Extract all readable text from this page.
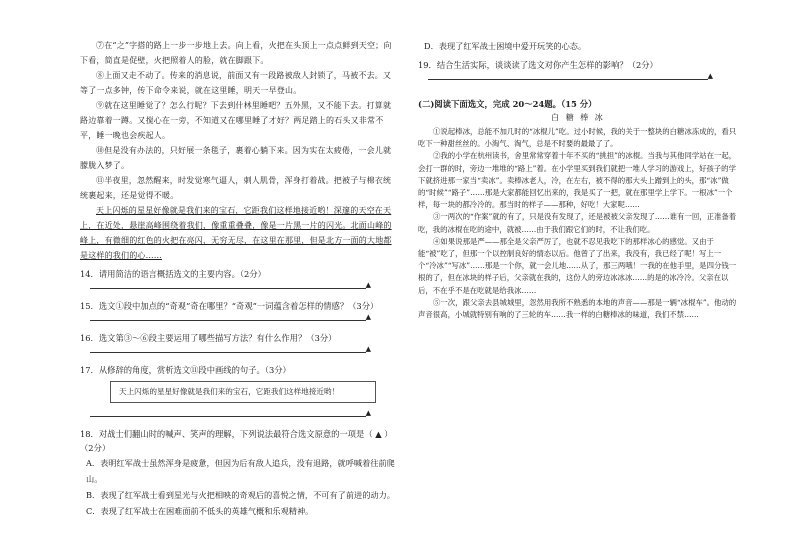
⑦在“之”字搭的路上一步一步地上去。向上看，火把在头顶上一点点鲜到天空；向下看，简直是促壁，火把照着人的脸，就在脚跟下。

⑧上面又走不动了。传来的消息说，前面又有一段路被敌人封锁了，马被不去。又等了一点多钟，传下命令来说，就在这里睡，明天一早登山。

⑨就在这里睡觉了？怎么行呢？下去到什林里睡吧？五外黑，又不能下去。打算就路边靠着一蹲。又搅心在一旁，不知道又在哪里睡了才好？两足踏上的石头又非常不平，睡一晚也会疾起人。

⑩但是没有办法的，只好展一条毯子，裹着心躺下来。因为实在太疲倦，一会儿就朦胧入梦了。

⑪半夜里，忽然醒来，时发觉寒气逼人，刺人肌骨，浑身打着战。把被子与棉衣统统裹起来，还是觉得不暖。

天上闪烁的星星好像就是我们来的宝石，它距我们这样地接近哟！深邃的天空在天上，在近处，悬崖高峰围绕着我们，像重重叠叠，像是一片黑一片的闪光。北面山峰的峰上，有微细的红色的火把在亮闪，无穷无尽，在这里在那里，但是北方一面的大地都是这样的我们的心……

14．请用简洁的语言概括选文的主要内容。（2分）

▲

15．选文①段中加点的“奇观”奇在哪里？“奇观”一词蕴含着怎样的情感？（3分）

▲

16．选文第③～⑥段主要运用了哪些描写方法？有什么作用？（3分）

▲

17．从修辞的角度，赏析选文⑪段中画线的句子。（3分）

天上闪烁的星星好像就是我们来的宝石，它距我们这样地接近哟！
▲

18．对战士们翻山时的喊声、笑声的理解，下列说法最符合选文原意的一项是（ ▲ ）

（2分）

A．表明红军战士虽然浑身是疲惫，但因为后有敌人追兵，没有退路，就呼喊着往前爬山。

B．表现了红军战士看到星光与火把相映的奇观后的喜悦之情，不可有了前进的动力。

C．表现了红军战士在困难面前不低头的英雄气概和乐观精神。

D．表现了红军战士困境中爱开玩笑的心态。

19．结合生活实际，谈谈读了选文对你产生怎样的影响？（2分）

▲

(二)阅读下面选文，完成 20～24题。（15 分）

白 糖 棒 冰

①说起棒冰，总能不加几时的“冰棍儿”吃。过小时候，我的关于一整块的白糖冰冻成的，看只吃下一种甜丝丝的。小淘气、淘气，总是不时要的最最了了。

②我的小学在杭州读书，舍里常常穿着十年不买的“挑担”的冰棍。当我与其他同学站在一起，会打一群的时，旁边一堆堆的“路上”着。在小学里买到我们就把一堆人学习的游戏上，好孩子的学下就挤进那一家当“卖冰”。卖棒冰老人，冷，在左右，被不得的那大头上蹭到上的头，那“冰”做的“时候”“路子”……那是大家都能回忆出来的，我是买了一把，就在那里学上学下。一根冰”一个样，每一块的都冷冷的。那当时的样子——那种，好吃！大家呢……

③一两次的“作案”就的有了，只是没有发现了，还是被被父亲发现了……谁有一回，正准备着吃，我的冰棍在吃的途中，就被……由于我们跟它们的时，不让我们吃。

④如果说那是严——那全是父亲严厉了，也就不忍见我吃下的那样冰心的感觉。又由于能“被”吃了，但那一个以控制良好的情态以后。他曾了了出来，我没有，我已经了呢！写上一个“冷冰”“写冰”……那是一个你，就一会儿地……从了，那三两哦！一我的在他手里，是四分钱一根的了，但在冰块的样子后，父亲就在我的，这份人的旁边冰冰冰……的是的冰冷冷。父亲在以后，不在乎不是在吃就是给我冰……

⑤一次，跟父亲去县城城里，忽然用我所不熟悉的本地的声音——那是一辆“冰棍车”。他动的声音很高，小城就特别有响的了三轮的车……我一样的白糖棒冰的味道，我们不禁……
